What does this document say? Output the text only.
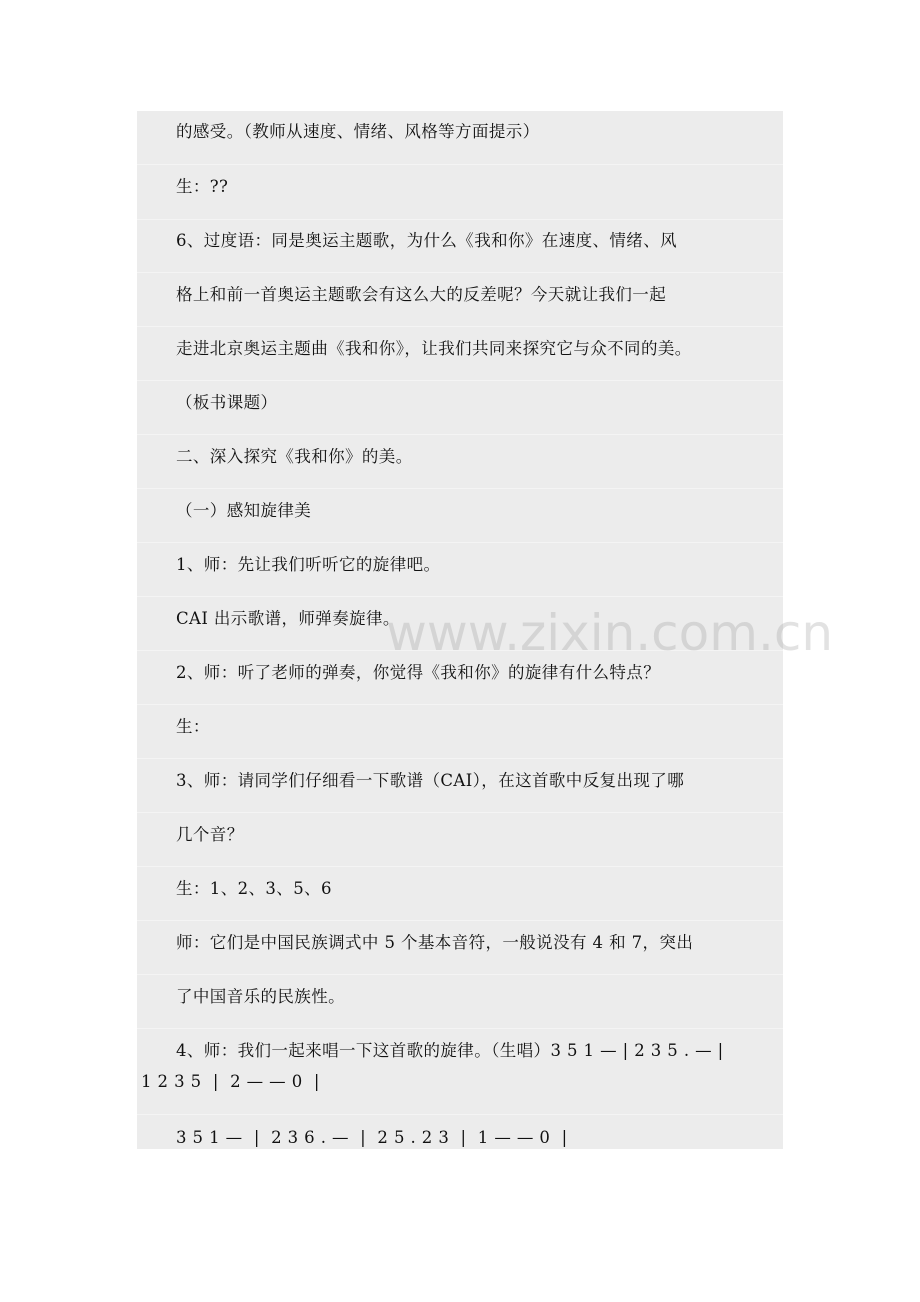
www.zixin.com.cn
的感受。（教师从速度、情绪、风格等方面提示）
生：??
6、过度语：同是奥运主题歌，为什么《我和你》在速度、情绪、风
格上和前一首奥运主题歌会有这么大的反差呢？今天就让我们一起
走进北京奥运主题曲《我和你》，让我们共同来探究它与众不同的美。
（板书课题）
二、深入探究《我和你》的美。
（一）感知旋律美
1、师：先让我们听听它的旋律吧。
CAI 出示歌谱，师弹奏旋律。
2、师：听了老师的弹奏，你觉得《我和你》的旋律有什么特点？
生：
3、师：请同学们仔细看一下歌谱（CAI），在这首歌中反复出现了哪
几个音？
生：1、2、3、5、6
师：它们是中国民族调式中 5 个基本音符，一般说没有 4 和 7，突出
了中国音乐的民族性。
4、师：我们一起来唱一下这首歌的旋律。（生唱）3 5 1 — | 2 3 5 . — |
1 2 3 5  |  2 — — 0  |
3 5 1 —  |  2 3 6 . —  |  2 5 . 2 3  |  1 — — 0  |
